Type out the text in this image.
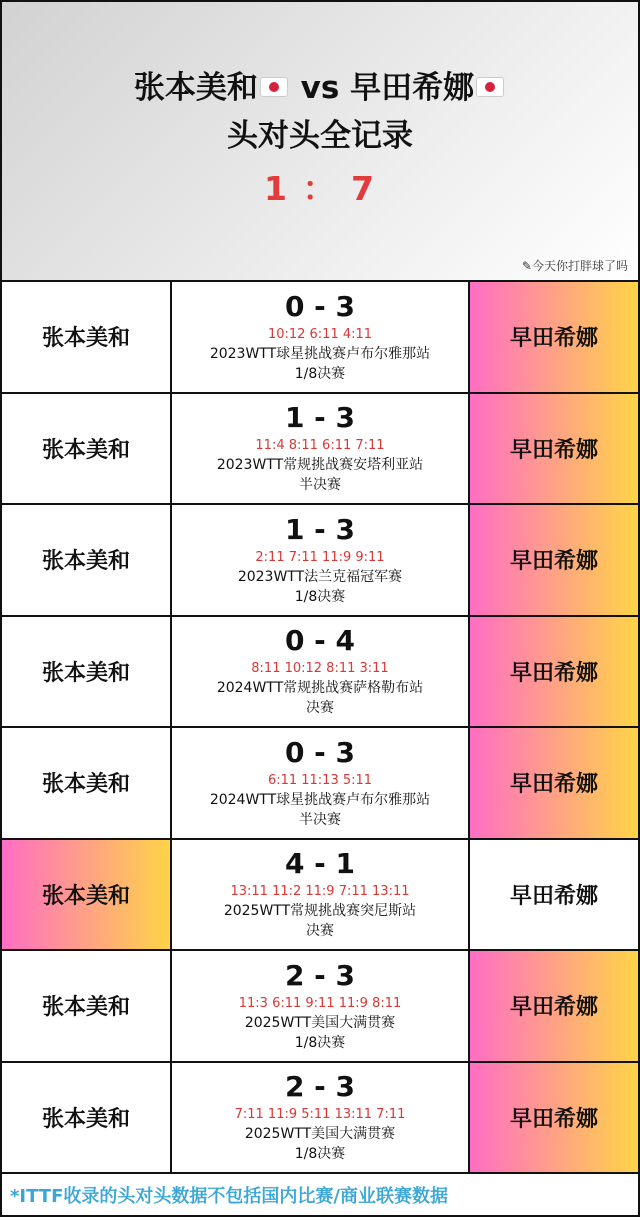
张本美和 vs 早田希娜
头对头全记录
1 ： 7
✎今天你打胖球了吗
张本美和
0 - 3
10:12 6:11 4:11
2023WTT球星挑战赛卢布尔雅那站
1/8决赛
早田希娜
张本美和
1 - 3
11:4 8:11 6:11 7:11
2023WTT常规挑战赛安塔利亚站
半决赛
早田希娜
张本美和
1 - 3
2:11 7:11 11:9 9:11
2023WTT法兰克福冠军赛
1/8决赛
早田希娜
张本美和
0 - 4
8:11 10:12 8:11 3:11
2024WTT常规挑战赛萨格勒布站
决赛
早田希娜
张本美和
0 - 3
6:11 11:13 5:11
2024WTT球星挑战赛卢布尔雅那站
半决赛
早田希娜
张本美和
4 - 1
13:11 11:2 11:9 7:11 13:11
2025WTT常规挑战赛突尼斯站
决赛
早田希娜
张本美和
2 - 3
11:3 6:11 9:11 11:9 8:11
2025WTT美国大满贯赛
1/8决赛
早田希娜
张本美和
2 - 3
7:11 11:9 5:11 13:11 7:11
2025WTT美国大满贯赛
1/8决赛
早田希娜
*ITTF收录的头对头数据不包括国内比赛/商业联赛数据
